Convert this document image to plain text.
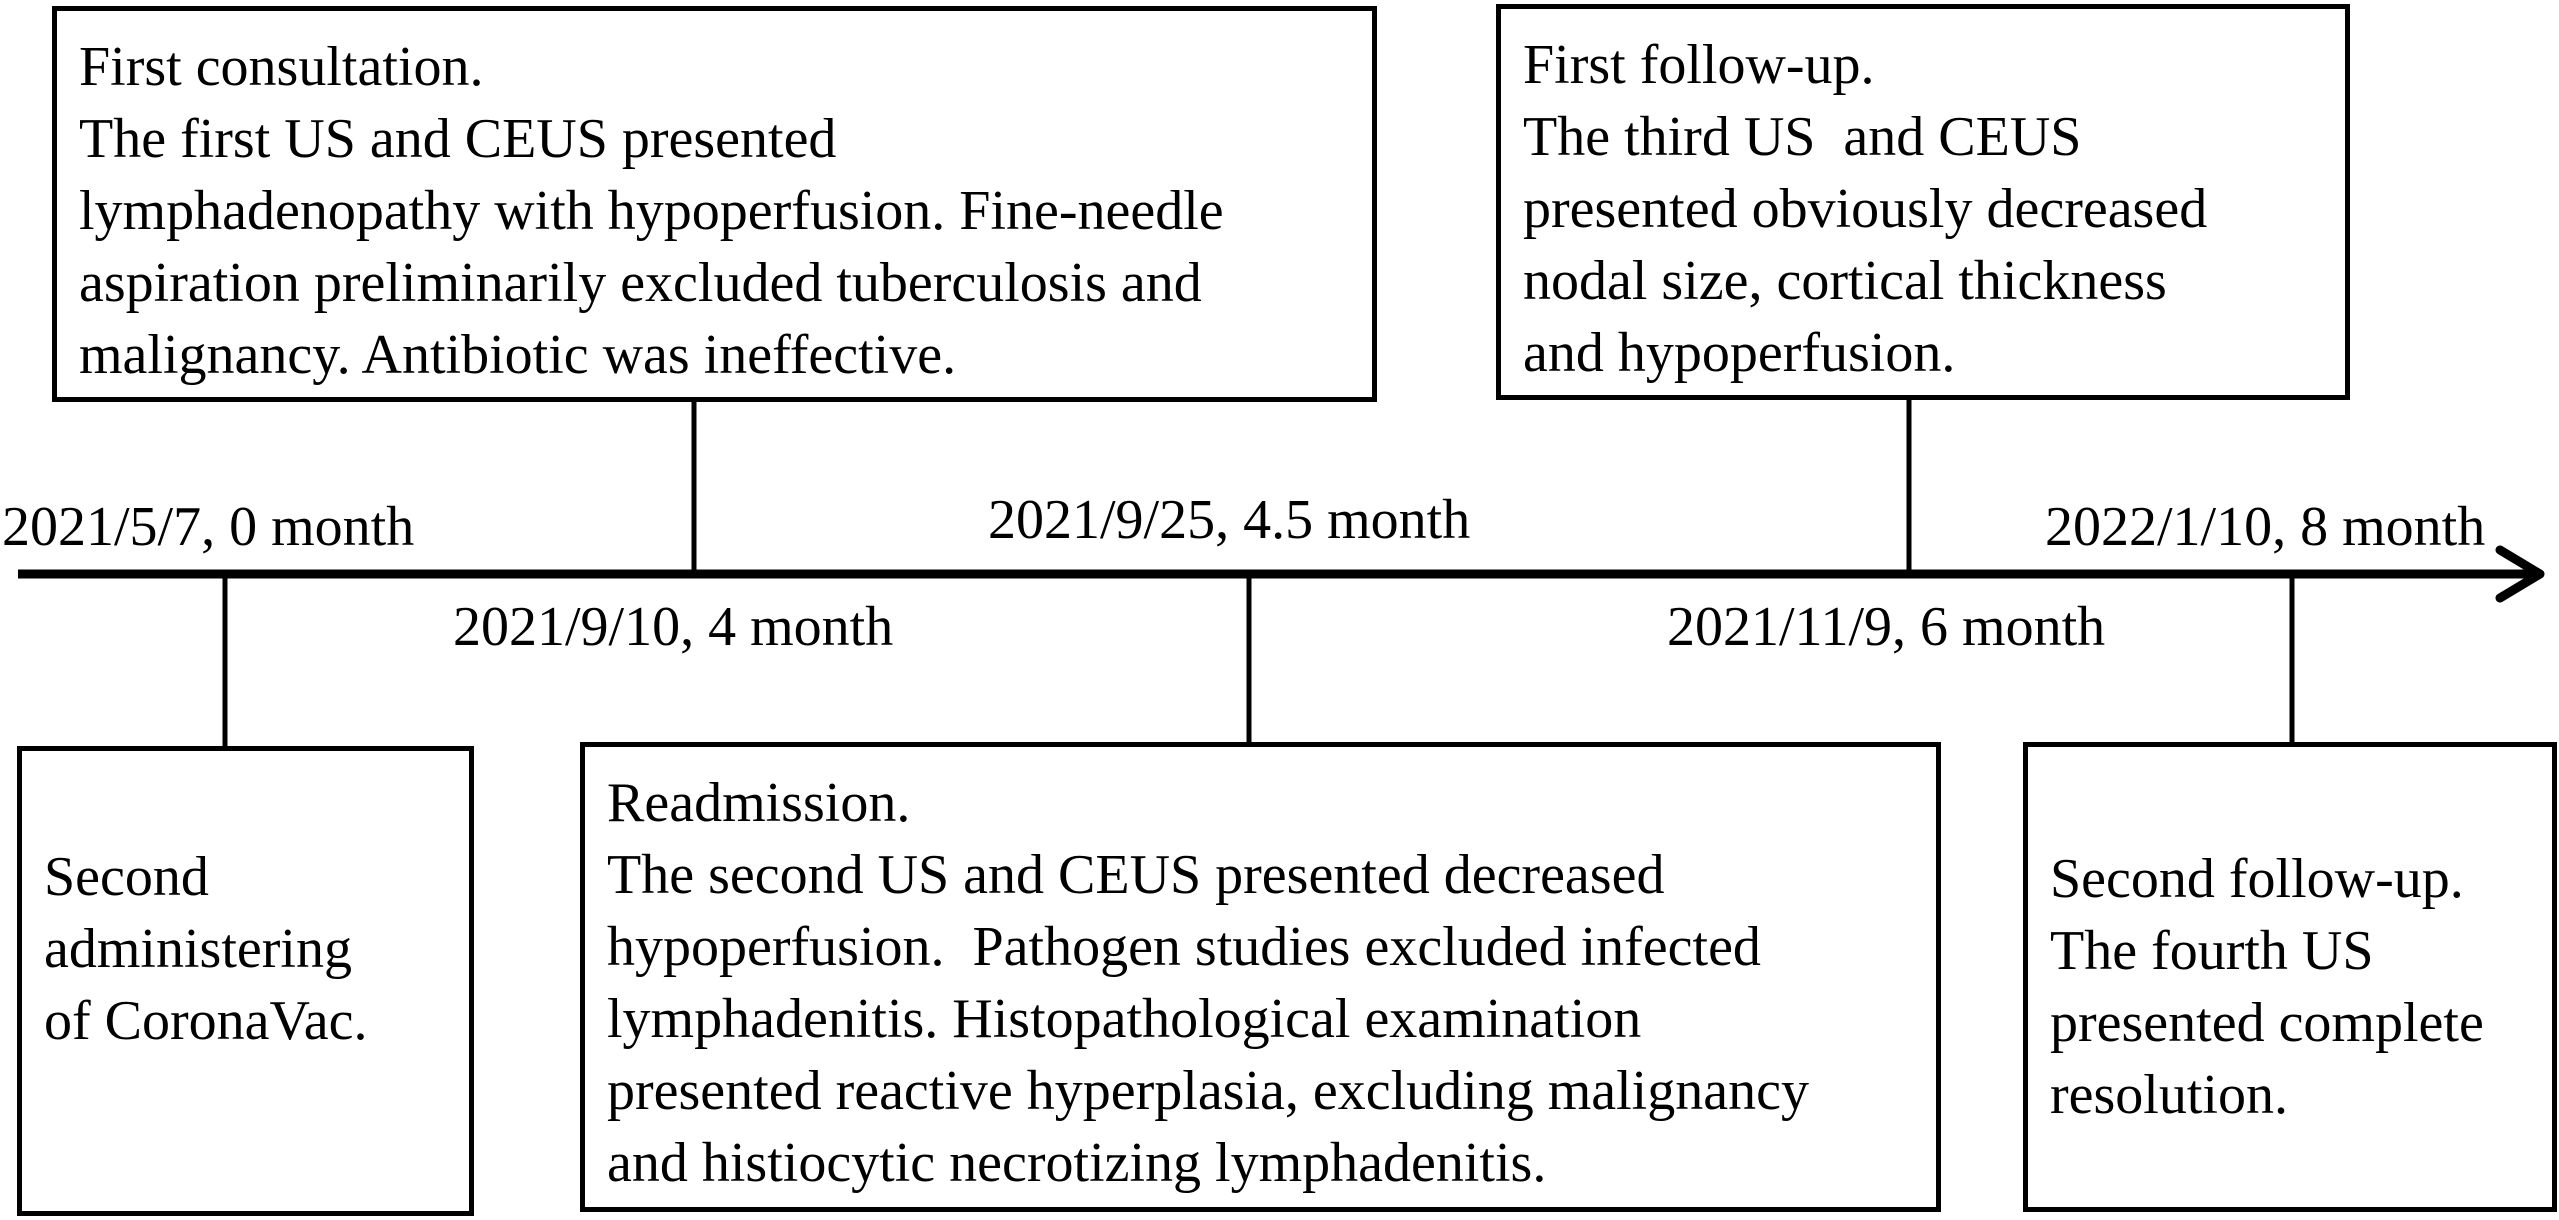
2021/5/7, 0 month
2021/9/10, 4 month
2021/9/25, 4.5 month
2021/11/9, 6 month
2022/1/10, 8 month
First consultation.
The first US and CEUS presented
lymphadenopathy with hypoperfusion. Fine-needle
aspiration preliminarily excluded tuberculosis and
malignancy. Antibiotic was ineffective.
First follow-up.
The third US  and CEUS
presented obviously decreased
nodal size, cortical thickness
and hypoperfusion.
Second
administering
of CoronaVac.
Readmission.
The second US and CEUS presented decreased
hypoperfusion.  Pathogen studies excluded infected
lymphadenitis. Histopathological examination
presented reactive hyperplasia, excluding malignancy
and histiocytic necrotizing lymphadenitis.
Second follow-up.
The fourth US
presented complete
resolution.
